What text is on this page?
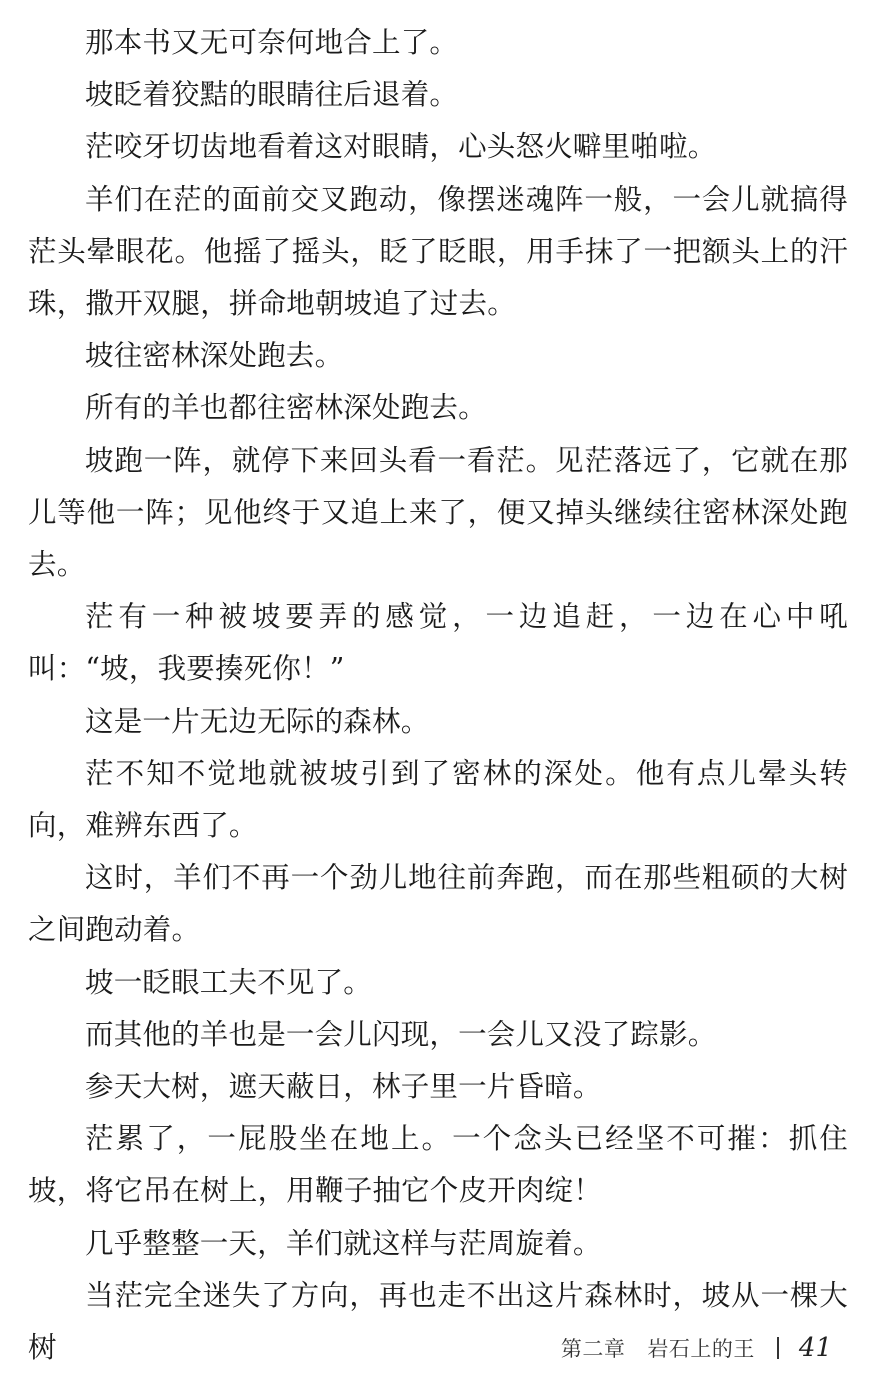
那本书又无可奈何地合上了。

坡眨着狡黠的眼睛往后退着。

茫咬牙切齿地看着这对眼睛，心头怒火噼里啪啦。

羊们在茫的面前交叉跑动，像摆迷魂阵一般，一会儿就搞得茫头晕眼花。他摇了摇头，眨了眨眼，用手抹了一把额头上的汗珠，撒开双腿，拼命地朝坡追了过去。

坡往密林深处跑去。

所有的羊也都往密林深处跑去。

坡跑一阵，就停下来回头看一看茫。见茫落远了，它就在那儿等他一阵；见他终于又追上来了，便又掉头继续往密林深处跑去。

茫有一种被坡要弄的感觉，一边追赶，一边在心中吼叫：“坡，我要揍死你！”

这是一片无边无际的森林。

茫不知不觉地就被坡引到了密林的深处。他有点儿晕头转向，难辨东西了。

这时，羊们不再一个劲儿地往前奔跑，而在那些粗硕的大树之间跑动着。

坡一眨眼工夫不见了。

而其他的羊也是一会儿闪现，一会儿又没了踪影。

参天大树，遮天蔽日，林子里一片昏暗。

茫累了，一屁股坐在地上。一个念头已经坚不可摧：抓住坡，将它吊在树上，用鞭子抽它个皮开肉绽！

几乎整整一天，羊们就这样与茫周旋着。

当茫完全迷失了方向，再也走不出这片森林时，坡从一棵大树	第二章 岩石上的王 41
